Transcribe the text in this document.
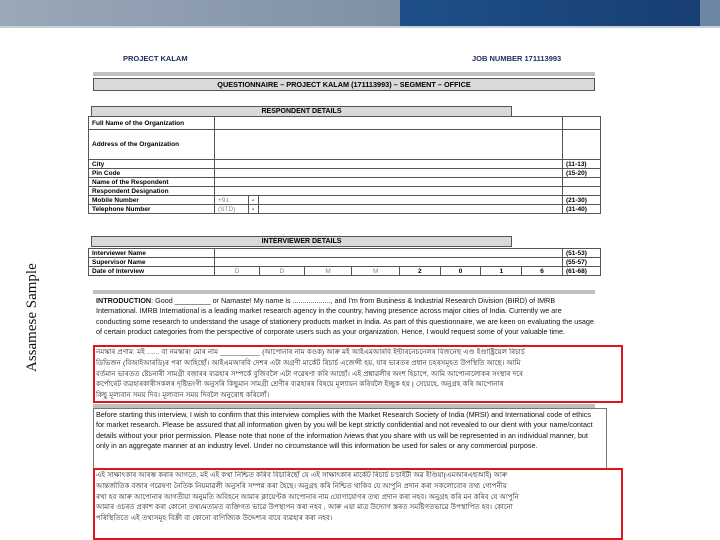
Assamese Sample
PROJECT KALAM	JOB NUMBER 171113993
QUESTIONNAIRE – PROJECT KALAM (171113993) – SEGMENT – OFFICE
RESPONDENT DETAILS
Full Name of the Organization				
Address of the Organization				
City				(11-13)
Pin Code				(15-20)
Name of the Respondent				
Respondent Designation				
Mobile Number	+91	-		(21-30)
Telephone Number	(STD)	-		(31-40)
INTERVIEWER DETAILS
Interviewer Name									(51-53)
Supervisor Name									(55-57)
Date of Interview	D	D	M	M	2	0	1	6	(61-68)
INTRODUCTION: Good _________ or Namaste! My name is ..................., and I'm from Business & Industrial Research Division (BIRD) of IMRB International. IMRB International is a leading market research agency in the country, having presence across major cities of India. Currently we are conducting some research to understand the usage of stationery products market in India. As part of this questionnaire, we are keen on evaluating the usage of certain product categories from the perspective of corporate users such as your organization. Hence, I would request some of your valuable time.
নমস্কাৰ প্ৰণাম: মই ...... বা নমস্কাৰ! মোৰ নাম __________ (আপোনাৰ নাম কওক) আৰু মই আইএমআৰবি ইন্টাৰনেচনেলৰ বিজনেছ এণ্ড ইণ্ডাষ্ট্ৰিয়েল ৰিচাৰ্চ
ডিভিজন (বিআইআৰডি)ৰ পৰা আহিছোঁ। আইএমআৰবি দেশৰ এটা অগ্ৰণী মাৰ্কেট ৰিচাৰ্চ এজেন্সী হয়, যাৰ ভাৰতৰ প্ৰধান চহৰসমূহত উপস্থিতি আছে। আমি
বৰ্তমান ভাৰতত ষ্টেচনাৰী সামগ্ৰী বজাৰৰ ব্যৱহাৰ সম্পৰ্কে বুজিবলৈ এটা গৱেষণা কৰি আছোঁ। এই প্ৰশ্নাৱলীৰ অংশ হিচাপে, আমি আপোনালোকৰ সংস্থাৰ দৰে
কৰ্পোৰেট ব্যৱহাৰকাৰীসকলৰ দৃষ্টিভংগী অনুসৰি কিছুমান সামগ্ৰী শ্ৰেণীৰ ব্যৱহাৰৰ বিষয়ে মূল্যায়ন কৰিবলৈ ইচ্ছুক হয় | সেয়েহে, অনুগ্ৰহ কৰি আপোনাৰ
কিছু মূল্যবান সময় দিব। মূল্যবান সময় দিবলৈ অনুৰোধ কৰিলোঁ।
Before starting this interview, I wish to confirm that this interview complies with the Market Research Society of India (MRSI) and International code of ethics for market research. Please be assured that all information given by you will be kept strictly confidential and not revealed to our dient with your name/contact details without your prior permission. Please note that none of the information /views that you share with us will be represented in an individual manner, but only in an aggregate manner at an industry level. Under no circumstance will this information be used for sales or any commercial purpose.
এই সাক্ষাৎকাৰ আৰম্ভ কৰাৰ আগতে, মই এই কথা নিশ্চিত কৰিব বিচাৰিছোঁ যে এই সাক্ষাৎকাৰ মাৰ্কেট ৰিচাৰ্চ চ'চাইটী অৱ ইণ্ডিয়া(এমআৰএছআই) আৰু
আন্তৰ্জাতিক বজাৰ গৱেষণা নৈতিক নিয়মাৱলী অনুসৰি সম্পন্ন কৰা হৈছে। অনুগ্ৰহ কৰি নিশ্চিত থাকিব যে আপুনি প্ৰদান কৰা সকলোবোৰ তথ্য গোপনীয়
ৰখা হব আৰু আপোনাৰ আগতীয়া অনুমতি অবিহনে আমাৰ ক্লায়েণ্টক আপোনাৰ নাম /যোগাযোগৰ তথ্য প্ৰদান কৰা নহব। অনুগ্ৰহ কৰি মন কৰিব যে আপুনি
আমাৰ ওচৰত প্ৰকাশ কৰা কোনো তথ্য/মতামত ব্যক্তিগত ভাৱে উপস্থাপন কৰা নহব , আৰু এয়া মাত্ৰ উদ্যোগ স্তৰত সমষ্টিগতভাৱে উপস্থাপিত হব। কোনো
পৰিস্থিতিতে এই তথ্যসমূহ বিক্ৰী বা কোনো বাণিজ্যিক উদ্দেশ্যৰ বাবে ব্যৱহাৰ কৰা নহব।
